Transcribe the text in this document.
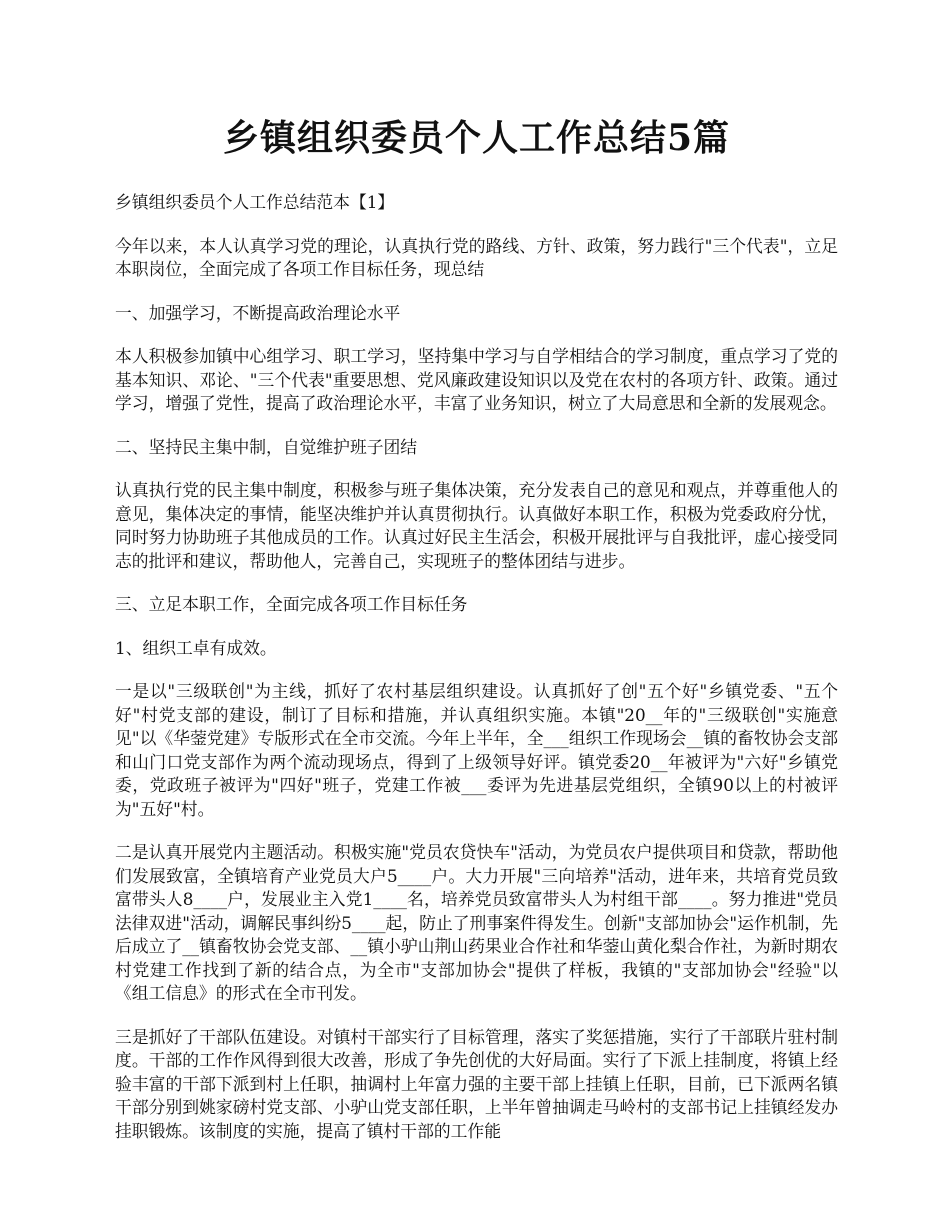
乡镇组织委员个人工作总结5篇

乡镇组织委员个人工作总结范本【1】

今年以来，本人认真学习党的理论，认真执行党的路线、方针、政策，努力践行"三个代表"，立足本职岗位，全面完成了各项工作目标任务，现总结

一、加强学习，不断提高政治理论水平

本人积极参加镇中心组学习、职工学习，坚持集中学习与自学相结合的学习制度，重点学习了党的基本知识、邓论、"三个代表"重要思想、党风廉政建设知识以及党在农村的各项方针、政策。通过学习，增强了党性，提高了政治理论水平，丰富了业务知识，树立了大局意思和全新的发展观念。

二、坚持民主集中制，自觉维护班子团结

认真执行党的民主集中制度，积极参与班子集体决策，充分发表自己的意见和观点，并尊重他人的意见，集体决定的事情，能坚决维护并认真贯彻执行。认真做好本职工作，积极为党委政府分忧，同时努力协助班子其他成员的工作。认真过好民主生活会，积极开展批评与自我批评，虚心接受同志的批评和建议，帮助他人，完善自己，实现班子的整体团结与进步。

三、立足本职工作，全面完成各项工作目标任务

1、组织工卓有成效。

一是以"三级联创"为主线，抓好了农村基层组织建设。认真抓好了创"五个好"乡镇党委、"五个好"村党支部的建设，制订了目标和措施，并认真组织实施。本镇"20__年的"三级联创"实施意见"以《华蓥党建》专版形式在全市交流。今年上半年，全___组织工作现场会__镇的畜牧协会支部和山门口党支部作为两个流动现场点，得到了上级领导好评。镇党委20__年被评为"六好"乡镇党委，党政班子被评为"四好"班子，党建工作被___委评为先进基层党组织，全镇90以上的村被评为"五好"村。

二是认真开展党内主题活动。积极实施"党员农贷快车"活动，为党员农户提供项目和贷款，帮助他们发展致富，全镇培育产业党员大户5____户。大力开展"三向培养"活动，进年来，共培育党员致富带头人8____户，发展业主入党1____名，培养党员致富带头人为村组干部____。努力推进"党员法律双进"活动，调解民事纠纷5____起，防止了刑事案件得发生。创新"支部加协会"运作机制，先后成立了__镇畜牧协会党支部、__镇小驴山荆山药果业合作社和华蓥山黄化梨合作社，为新时期农村党建工作找到了新的结合点，为全市"支部加协会"提供了样板，我镇的"支部加协会"经验"以《组工信息》的形式在全市刊发。

三是抓好了干部队伍建设。对镇村干部实行了目标管理，落实了奖惩措施，实行了干部联片驻村制度。干部的工作作风得到很大改善，形成了争先创优的大好局面。实行了下派上挂制度，将镇上经验丰富的干部下派到村上任职，抽调村上年富力强的主要干部上挂镇上任职，目前，已下派两名镇干部分别到姚家磅村党支部、小驴山党支部任职，上半年曾抽调走马岭村的支部书记上挂镇经发办挂职锻炼。该制度的实施，提高了镇村干部的工作能
